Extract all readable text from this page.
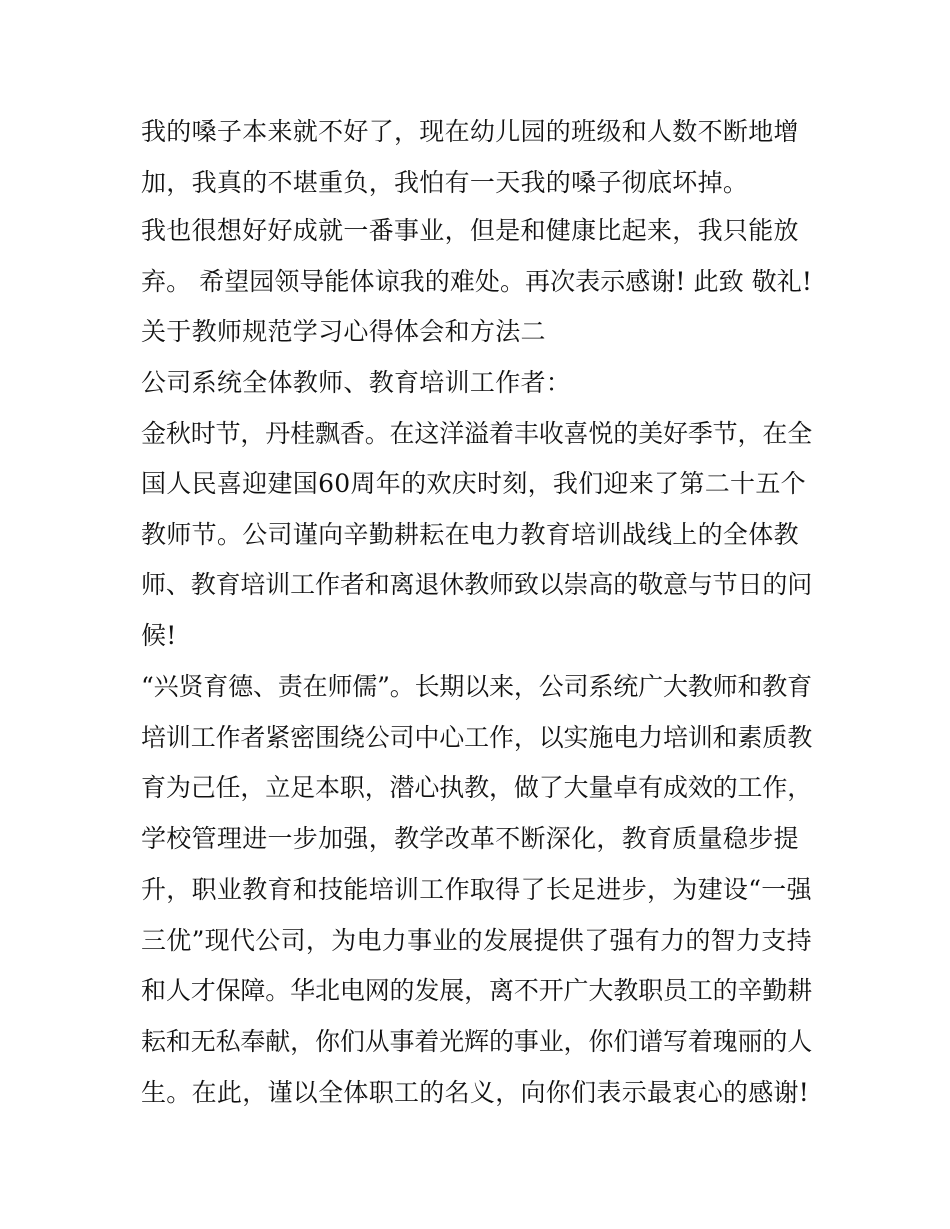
我的嗓子本来就不好了，现在幼儿园的班级和人数不断地增

加，我真的不堪重负，我怕有一天我的嗓子彻底坏掉。

我也很想好好成就一番事业，但是和健康比起来，我只能放

弃。 希望园领导能体谅我的难处。再次表示感谢! 此致 敬礼!

关于教师规范学习心得体会和方法二

公司系统全体教师、教育培训工作者：

金秋时节，丹桂飘香。在这洋溢着丰收喜悦的美好季节，在全

国人民喜迎建国60周年的欢庆时刻，我们迎来了第二十五个

教师节。公司谨向辛勤耕耘在电力教育培训战线上的全体教

师、教育培训工作者和离退休教师致以崇高的敬意与节日的问

候!

“兴贤育德、责在师儒”。长期以来，公司系统广大教师和教育

培训工作者紧密围绕公司中心工作，以实施电力培训和素质教

育为己任，立足本职，潜心执教，做了大量卓有成效的工作，

学校管理进一步加强，教学改革不断深化，教育质量稳步提

升，职业教育和技能培训工作取得了长足进步，为建设“一强

三优”现代公司，为电力事业的发展提供了强有力的智力支持

和人才保障。华北电网的发展，离不开广大教职员工的辛勤耕

耘和无私奉献，你们从事着光辉的事业，你们谱写着瑰丽的人

生。在此，谨以全体职工的名义，向你们表示最衷心的感谢!
